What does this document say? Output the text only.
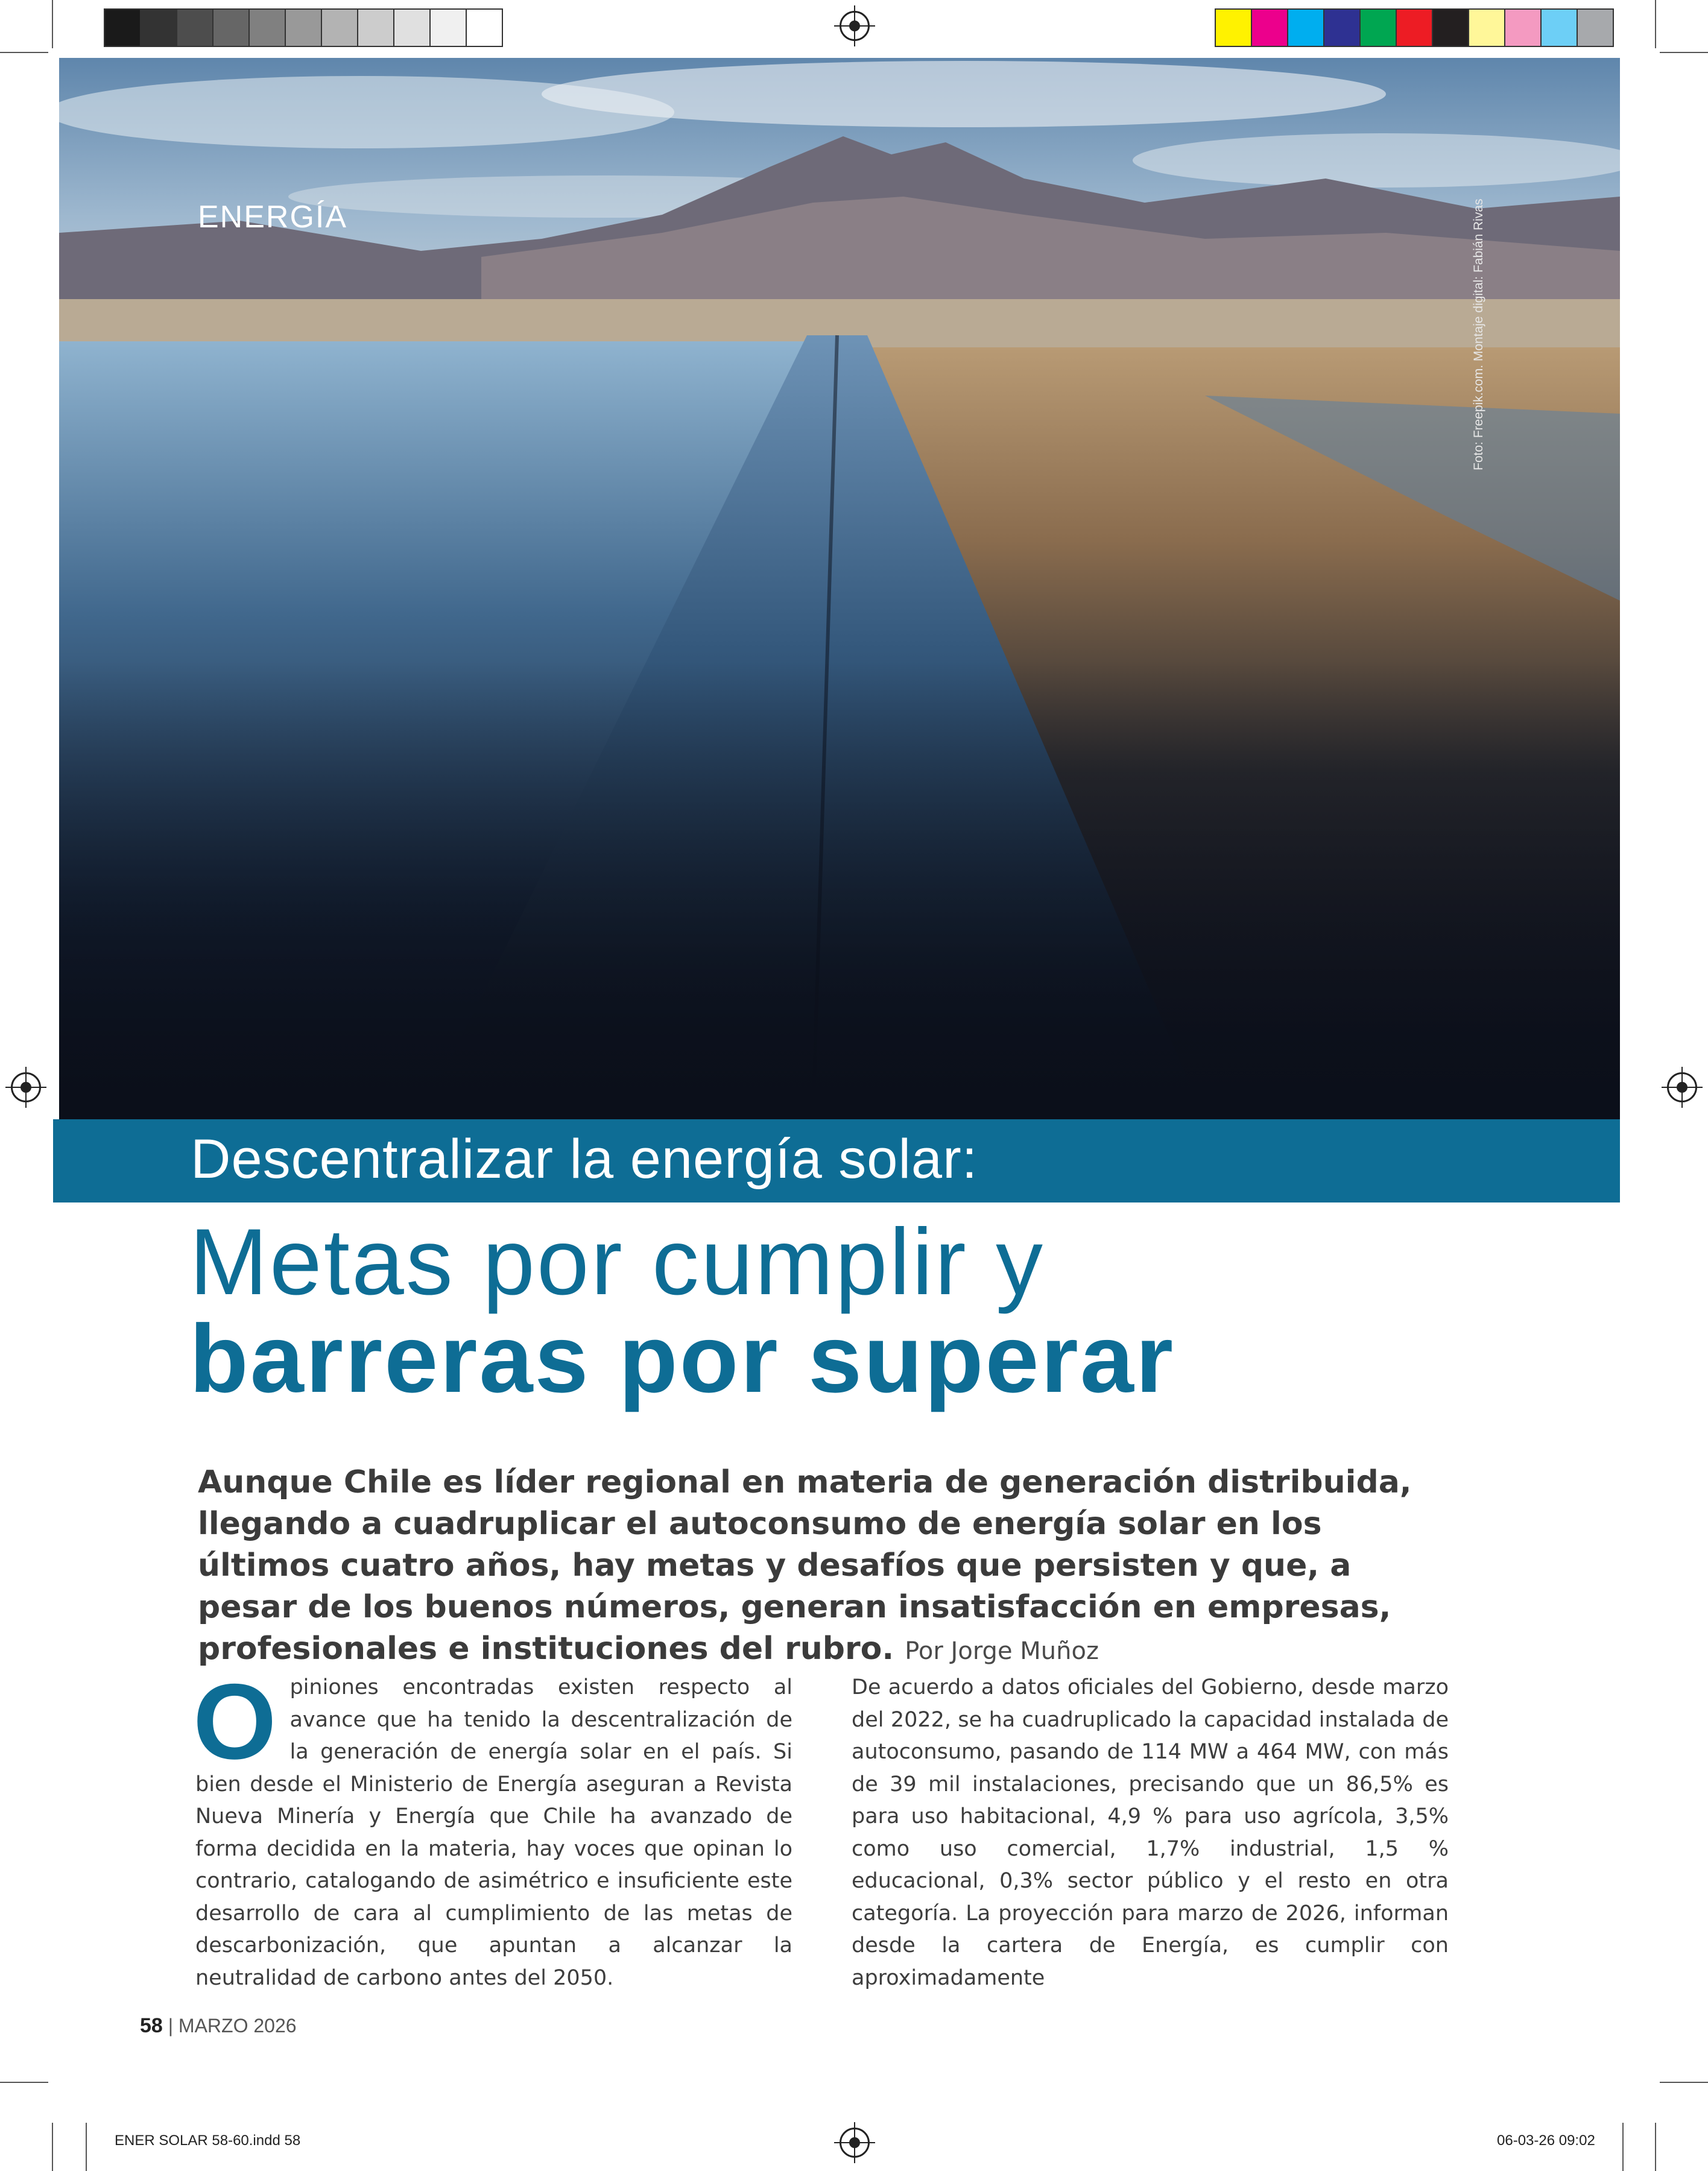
ENERGÍA	Foto: Freepik.com. Montaje digital: Fabián Rivas
Descentralizar la energía solar:
Metas por cumplir y
barreras por superar
Aunque Chile es líder regional en materia de generación distribuida, llegando a cuadruplicar el autoconsumo de energía solar en los últimos cuatro años, hay metas y desafíos que persisten y que, a pesar de los buenos números, generan insatisfacción en empresas, profesionales e instituciones del rubro. Por Jorge Muñoz
O piniones encontradas existen respecto al avance que ha tenido la descentralización de la generación de energía solar en el país. Si bien desde el Ministerio de Energía aseguran a Revista Nueva Minería y Energía que Chile ha avanzado de forma decidida en la materia, hay voces que opinan lo contrario, catalogando de asimétrico e insuficiente este desarrollo de cara al cumplimiento de las metas de descarbonización, que apuntan a alcanzar la neutralidad de carbono antes del 2050.
De acuerdo a datos oficiales del Gobierno, desde marzo del 2022, se ha cuadruplicado la capacidad instalada de autoconsumo, pasando de 114 MW a 464 MW, con más de 39 mil instalaciones, precisando que un 86,5% es para uso habitacional, 4,9 % para uso agrícola, 3,5% como uso comercial, 1,7% industrial, 1,5 % educacional, 0,3% sector público y el resto en otra categoría. La proyección para marzo de 2026, informan desde la cartera de Energía, es cumplir con aproximadamente
58 | MARZO 2026
ENER SOLAR 58-60.indd 58	06-03-26 09:02
